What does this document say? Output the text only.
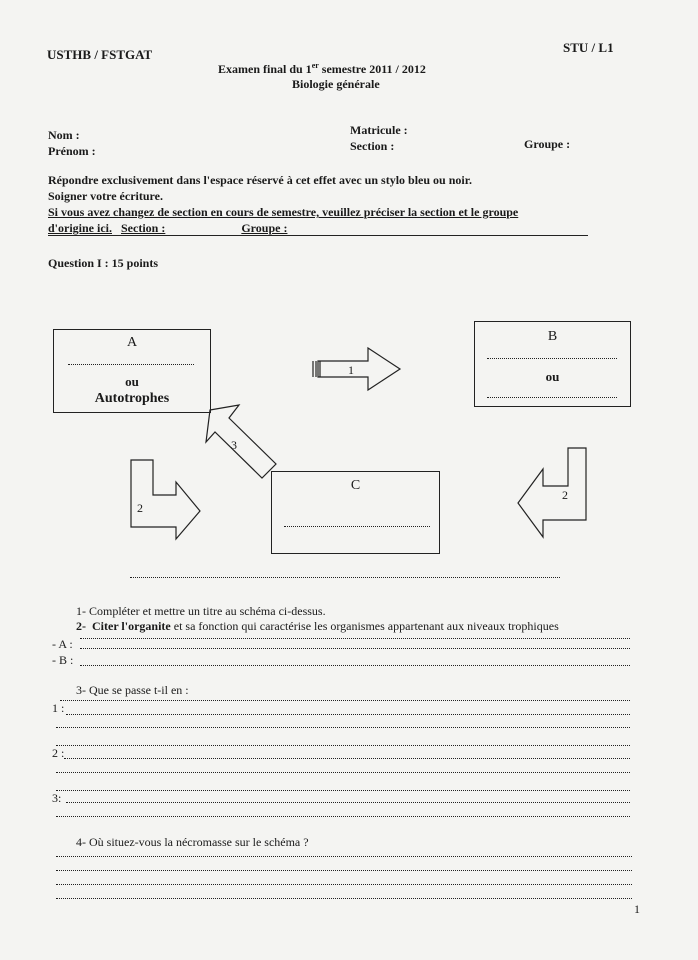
USTHB / FSTGAT	STU / L1
Examen final du 1er semestre 2011 / 2012
Biologie générale
Nom :
Prénom :
Matricule :
Section :	Groupe :
Répondre exclusivement dans l'espace réservé à cet effet avec un stylo bleu ou noir.
Soigner votre écriture.
Si vous avez changez de section en cours de semestre, veuillez préciser la section et le groupe
d'origine ici. Section :	Groupe :
Question I : 15 points
A
ou
Autotrophes
B
ou
C
1
2
2
3
1- Compléter et mettre un titre au schéma ci-dessus.
2- Citer l'organite et sa fonction qui caractérise les organismes appartenant aux niveaux trophiques
- A :
- B :
3- Que se passe t-il en :
1 :
2 :
3:
4- Où situez-vous la nécromasse sur le schéma ?
1
